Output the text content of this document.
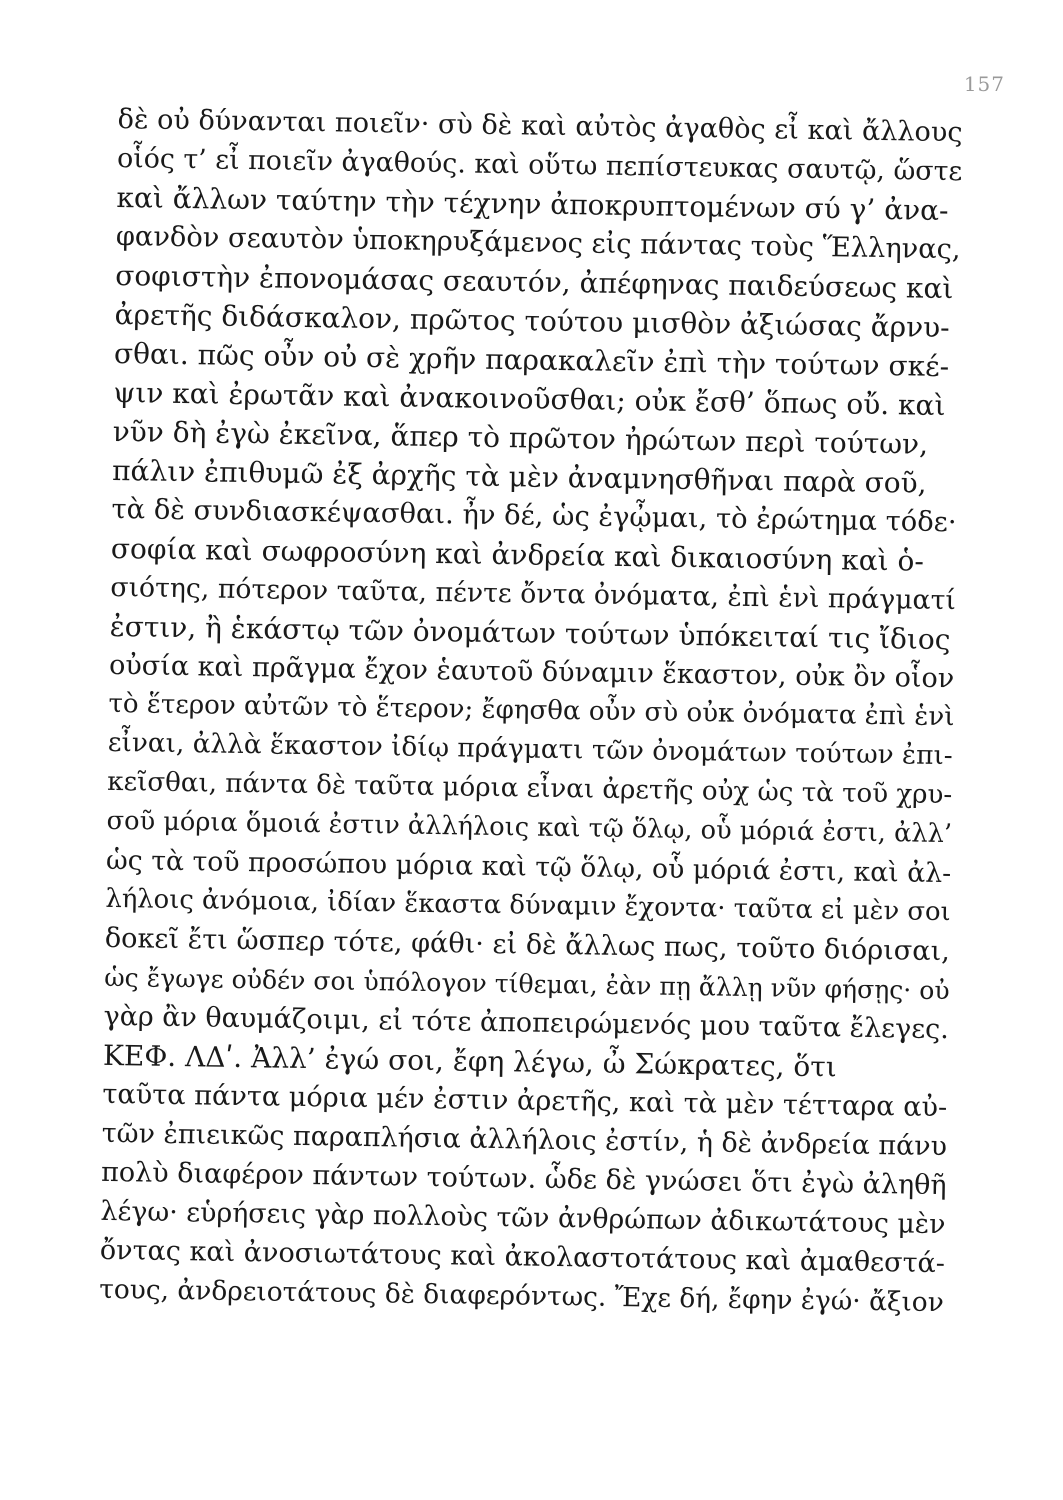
157
δὲ οὐ δύνανται ποιεῖν· σὺ δὲ καὶ αὐτὸς ἀγαθὸς εἶ καὶ ἄλλους
οἷός τ’ εἶ ποιεῖν ἀγαθούς. καὶ οὕτω πεπίστευκας σαυτῷ, ὥστε
καὶ ἄλλων ταύτην τὴν τέχνην ἀποκρυπτομένων σύ γ’ ἀνα-
φανδὸν σεαυτὸν ὑποκηρυξάμενος εἰς πάντας τοὺς Ἕλληνας,
σοφιστὴν ἐπονομάσας σεαυτόν, ἀπέφηνας παιδεύσεως καὶ
ἀρετῆς διδάσκαλον, πρῶτος τούτου μισθὸν ἀξιώσας ἄρνυ-
σθαι. πῶς οὖν οὐ σὲ χρῆν παρακαλεῖν ἐπὶ τὴν τούτων σκέ-
ψιν καὶ ἐρωτᾶν καὶ ἀνακοινοῦσθαι; οὐκ ἔσθ’ ὅπως οὔ. καὶ
νῦν δὴ ἐγὼ ἐκεῖνα, ἅπερ τὸ πρῶτον ἠρώτων περὶ τούτων,
πάλιν ἐπιθυμῶ ἐξ ἀρχῆς τὰ μὲν ἀναμνησθῆναι παρὰ σοῦ,
τὰ δὲ συνδιασκέψασθαι. ἦν δέ, ὡς ἐγᾦμαι, τὸ ἐρώτημα τόδε·
σοφία καὶ σωφροσύνη καὶ ἀνδρεία καὶ δικαιοσύνη καὶ ὁ-
σιότης, πότερον ταῦτα, πέντε ὄντα ὀνόματα, ἐπὶ ἑνὶ πράγματί
ἐστιν, ἢ ἑκάστῳ τῶν ὀνομάτων τούτων ὑπόκειταί τις ἴδιος
οὐσία καὶ πρᾶγμα ἔχον ἑαυτοῦ δύναμιν ἕκαστον, οὐκ ὂν οἷον
τὸ ἕτερον αὐτῶν τὸ ἕτερον; ἔφησθα οὖν σὺ οὐκ ὀνόματα ἐπὶ ἑνὶ
εἶναι, ἀλλὰ ἕκαστον ἰδίῳ πράγματι τῶν ὀνομάτων τούτων ἐπι-
κεῖσθαι, πάντα δὲ ταῦτα μόρια εἶναι ἀρετῆς οὐχ ὡς τὰ τοῦ χρυ-
σοῦ μόρια ὅμοιά ἐστιν ἀλλήλοις καὶ τῷ ὅλῳ, οὗ μόριά ἐστι, ἀλλ’
ὡς τὰ τοῦ προσώπου μόρια καὶ τῷ ὅλῳ, οὗ μόριά ἐστι, καὶ ἀλ-
λήλοις ἀνόμοια, ἰδίαν ἕκαστα δύναμιν ἔχοντα· ταῦτα εἰ μὲν σοι
δοκεῖ ἔτι ὥσπερ τότε, φάθι· εἰ δὲ ἄλλως πως, τοῦτο διόρισαι,
ὡς ἔγωγε οὐδέν σοι ὑπόλογον τίθεμαι, ἐὰν πῃ ἄλλῃ νῦν φήσῃς· οὐ
γὰρ ἂν θαυμάζοιμι, εἰ τότε ἀποπειρώμενός μου ταῦτα ἔλεγες.
ΚΕΦ. ΛΔʹ. Ἀλλ’ ἐγώ σοι, ἔφη λέγω, ὦ Σώκρατες, ὅτι
ταῦτα πάντα μόρια μέν ἐστιν ἀρετῆς, καὶ τὰ μὲν τέτταρα αὐ-
τῶν ἐπιεικῶς παραπλήσια ἀλλήλοις ἐστίν, ἡ δὲ ἀνδρεία πάνυ
πολὺ διαφέρον πάντων τούτων. ὧδε δὲ γνώσει ὅτι ἐγὼ ἀληθῆ
λέγω· εὑρήσεις γὰρ πολλοὺς τῶν ἀνθρώπων ἀδικωτάτους μὲν
ὄντας καὶ ἀνοσιωτάτους καὶ ἀκολαστοτάτους καὶ ἀμαθεστά-
τους, ἀνδρειοτάτους δὲ διαφερόντως. Ἔχε δή, ἔφην ἐγώ· ἄξιον
